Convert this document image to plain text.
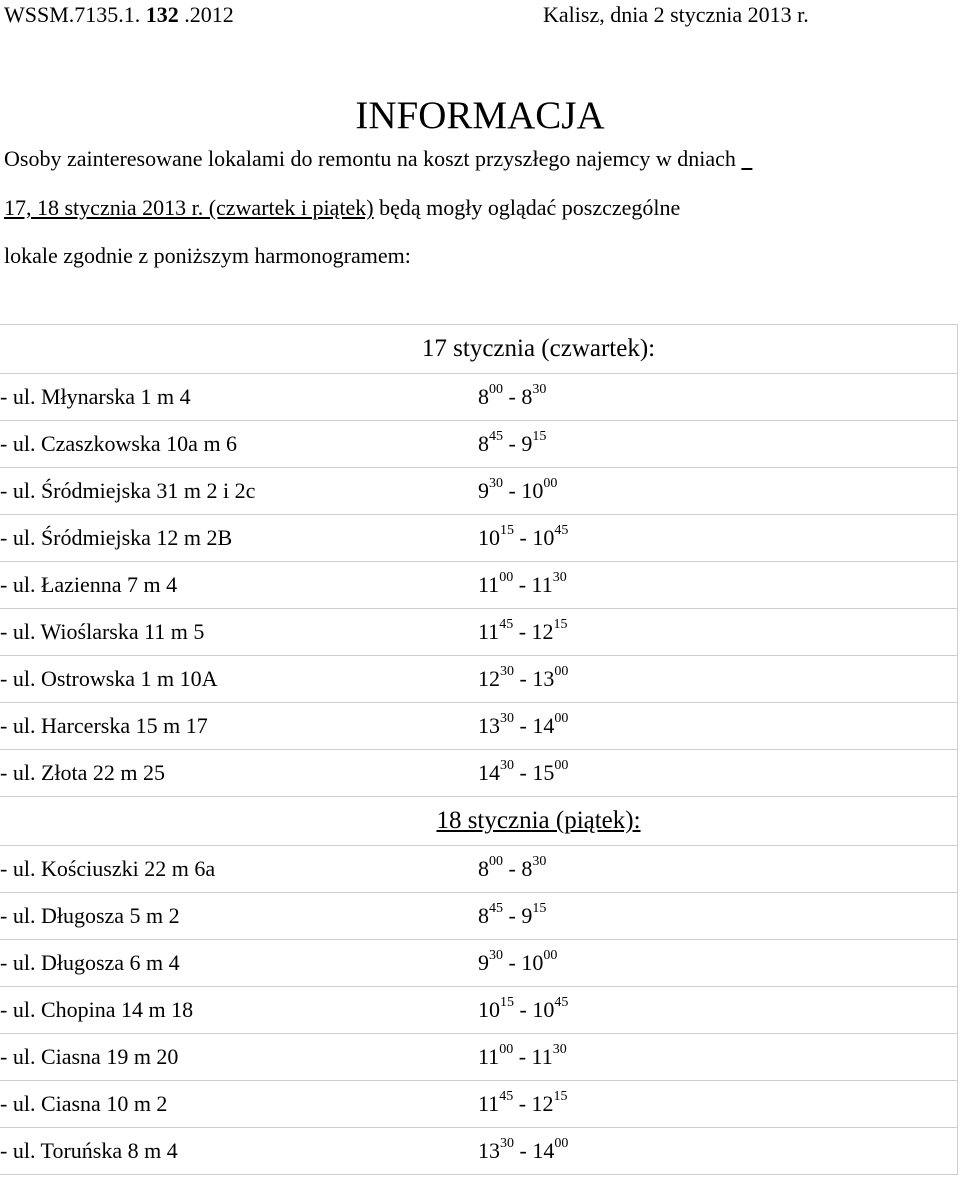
WSSM.7135.1. 132 .2012	Kalisz, dnia 2 stycznia 2013 r.
INFORMACJA
Osoby zainteresowane lokalami do remontu na koszt przyszłego najemcy w dniach
17, 18 stycznia 2013 r. (czwartek i piątek) będą mogły oglądać poszczególne
lokale zgodnie z poniższym harmonogramem:
17 stycznia (czwartek):	
- ul. Młynarska 1 m 4	$8^{00} - 8^{30}$
- ul. Czaszkowska 10a m 6	$8^{45} - 9^{15}$
- ul. Śródmiejska 31 m 2 i 2c	$9^{30} - 10^{00}$
- ul. Śródmiejska 12 m 2B	$10^{15} - 10^{45}$
- ul. Łazienna 7 m 4	$11^{00} - 11^{30}$
- ul. Wioślarska 11 m 5	$11^{45} - 12^{15}$
- ul. Ostrowska 1 m 10A	$12^{30} - 13^{00}$
- ul. Harcerska 15 m 17	$13^{30} - 14^{00}$
- ul. Złota 22 m 25	$14^{30} - 15^{00}$
18 stycznia (piątek):	
- ul. Kościuszki 22 m 6a	$8^{00} - 8^{30}$
- ul. Długosza 5 m 2	$8^{45} - 9^{15}$
- ul. Długosza 6 m 4	$9^{30} - 10^{00}$
- ul. Chopina 14 m 18	$10^{15} - 10^{45}$
- ul. Ciasna 19 m 20	$11^{00} - 11^{30}$
- ul. Ciasna 10 m 2	$11^{45} - 12^{15}$
- ul. Toruńska 8 m 4	$13^{30} - 14^{00}$
